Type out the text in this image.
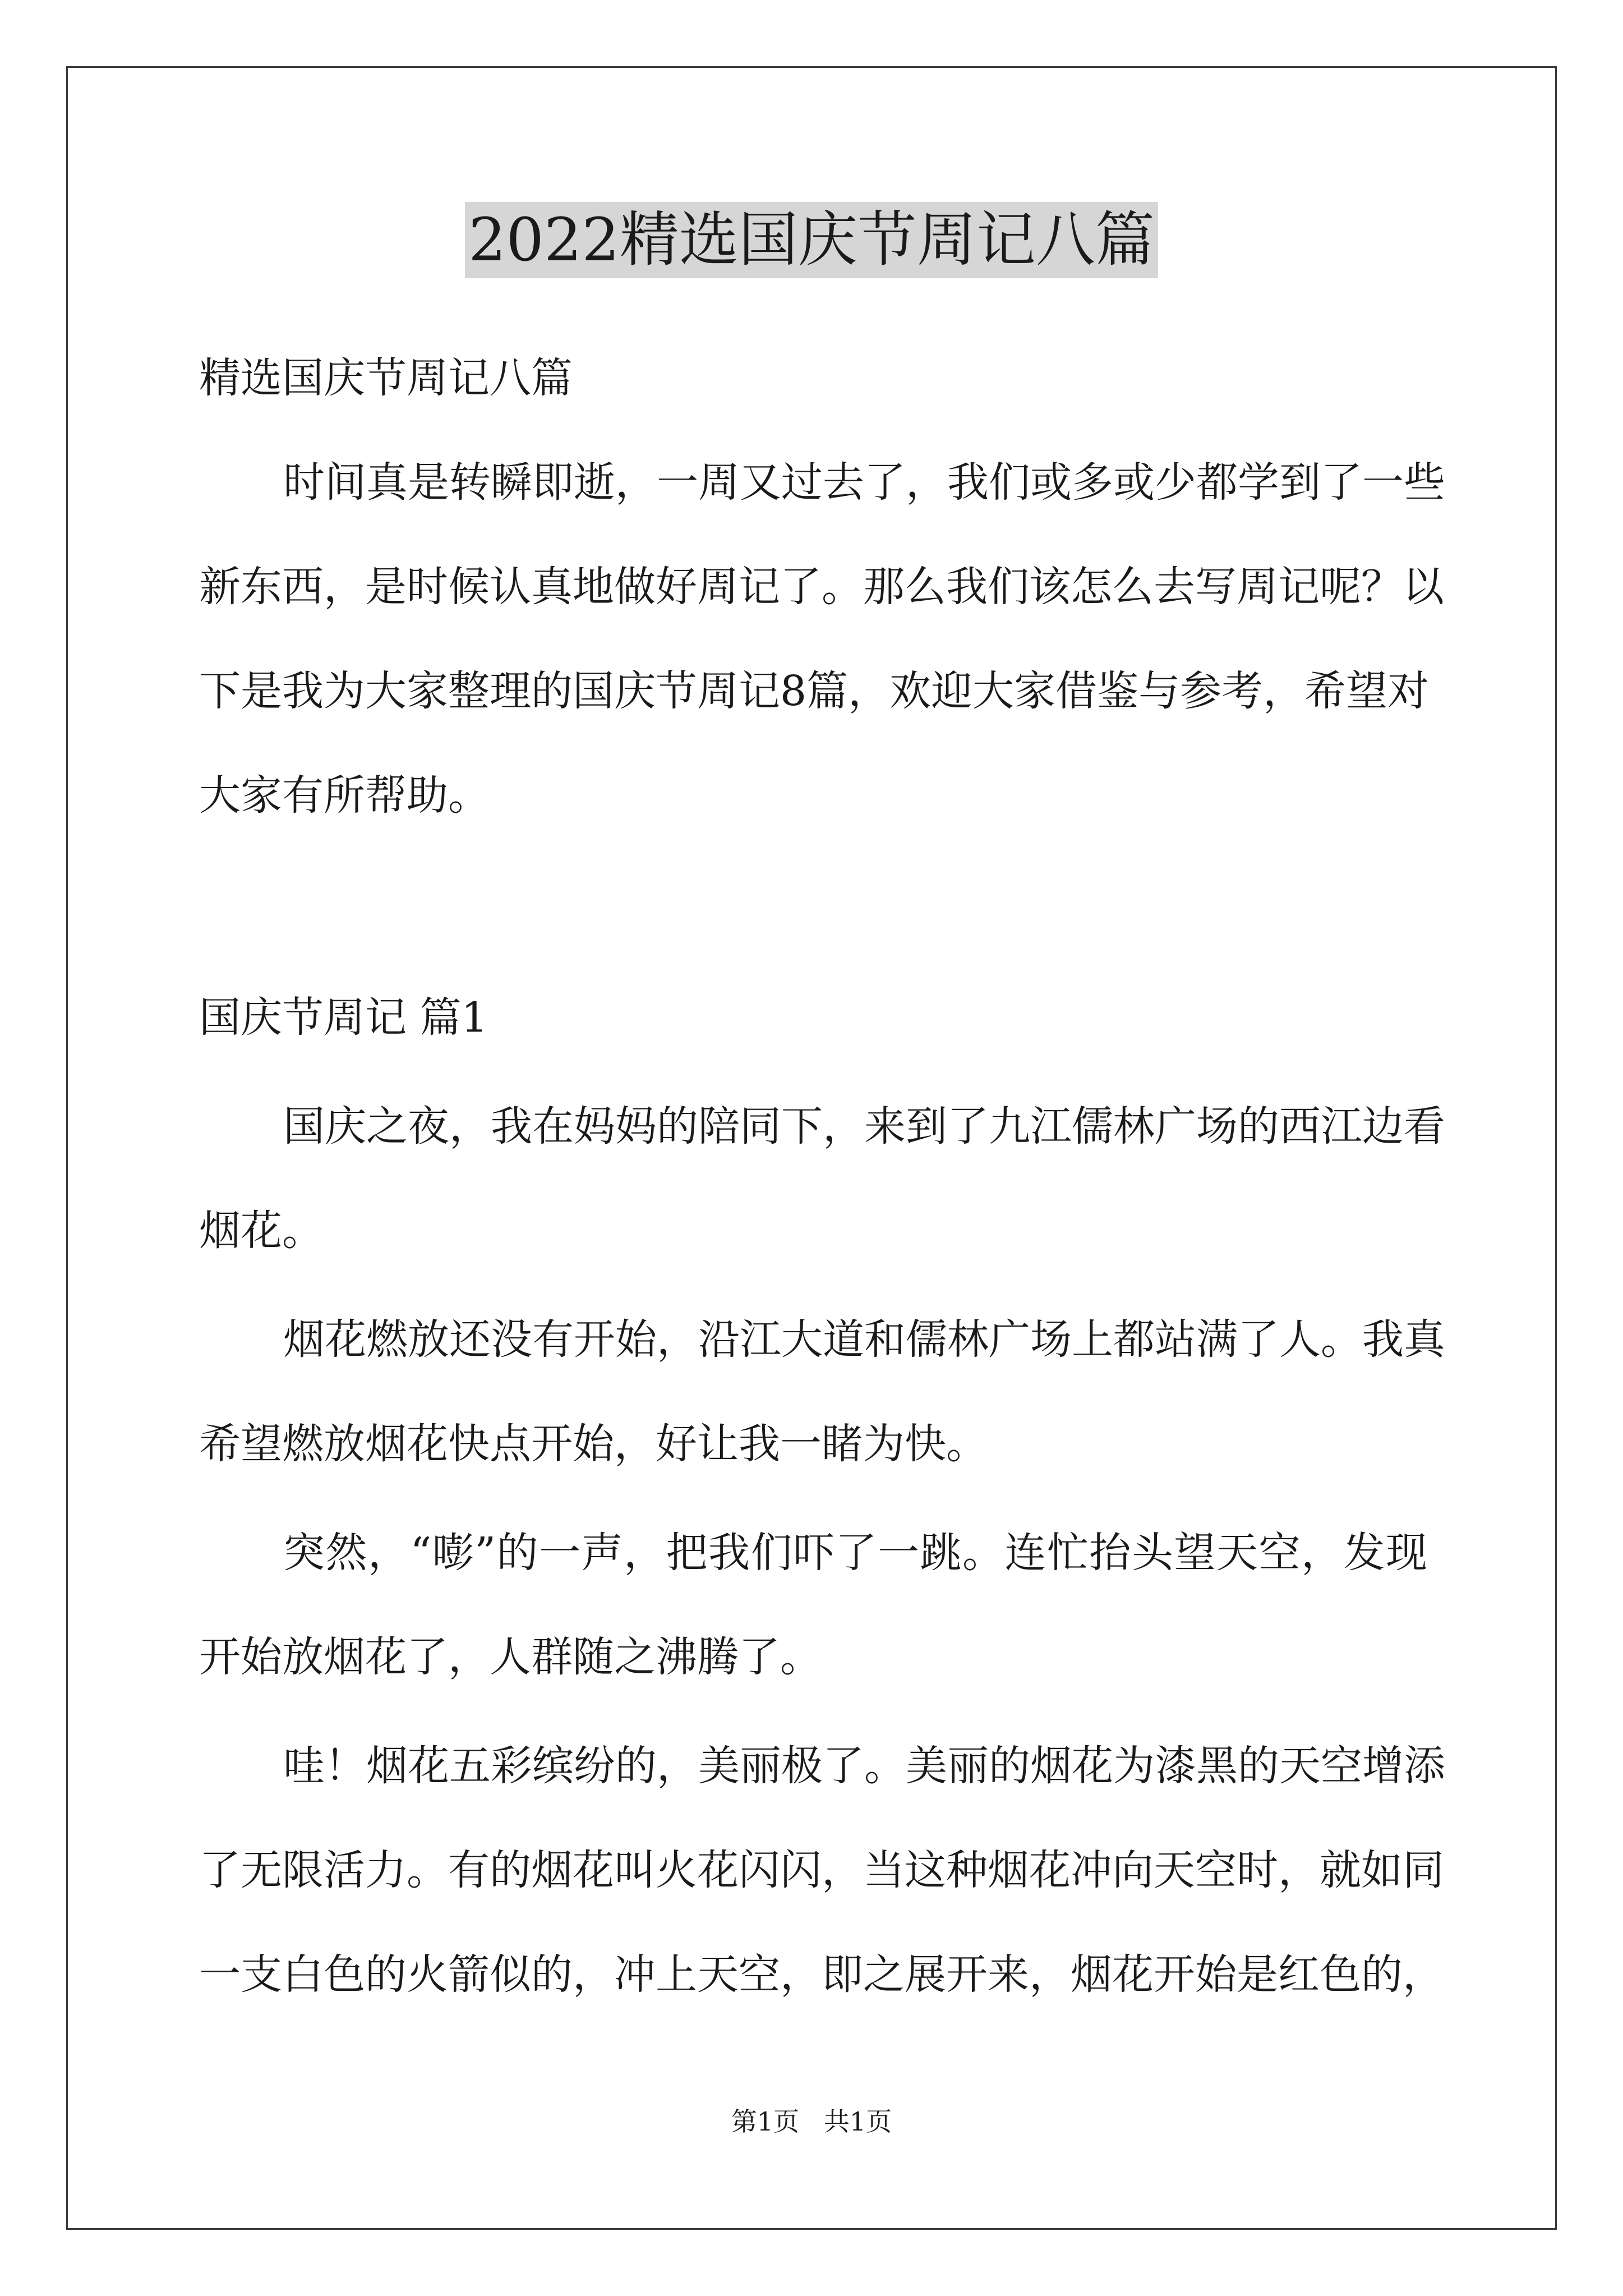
2022精选国庆节周记八篇
精选国庆节周记八篇
时间真是转瞬即逝，一周又过去了，我们或多或少都学到了一些
新东西，是时候认真地做好周记了。那么我们该怎么去写周记呢？以
下是我为大家整理的国庆节周记8篇，欢迎大家借鉴与参考，希望对
大家有所帮助。
国庆节周记 篇1
国庆之夜，我在妈妈的陪同下，来到了九江儒林广场的西江边看
烟花。
烟花燃放还没有开始，沿江大道和儒林广场上都站满了人。我真
希望燃放烟花快点开始，好让我一睹为快。
突然，“嘭”的一声，把我们吓了一跳。连忙抬头望天空，发现
开始放烟花了，人群随之沸腾了。
哇！烟花五彩缤纷的，美丽极了。美丽的烟花为漆黑的天空增添
了无限活力。有的烟花叫火花闪闪，当这种烟花冲向天空时，就如同
一支白色的火箭似的，冲上天空，即之展开来，烟花开始是红色的，
第1页   共1页
